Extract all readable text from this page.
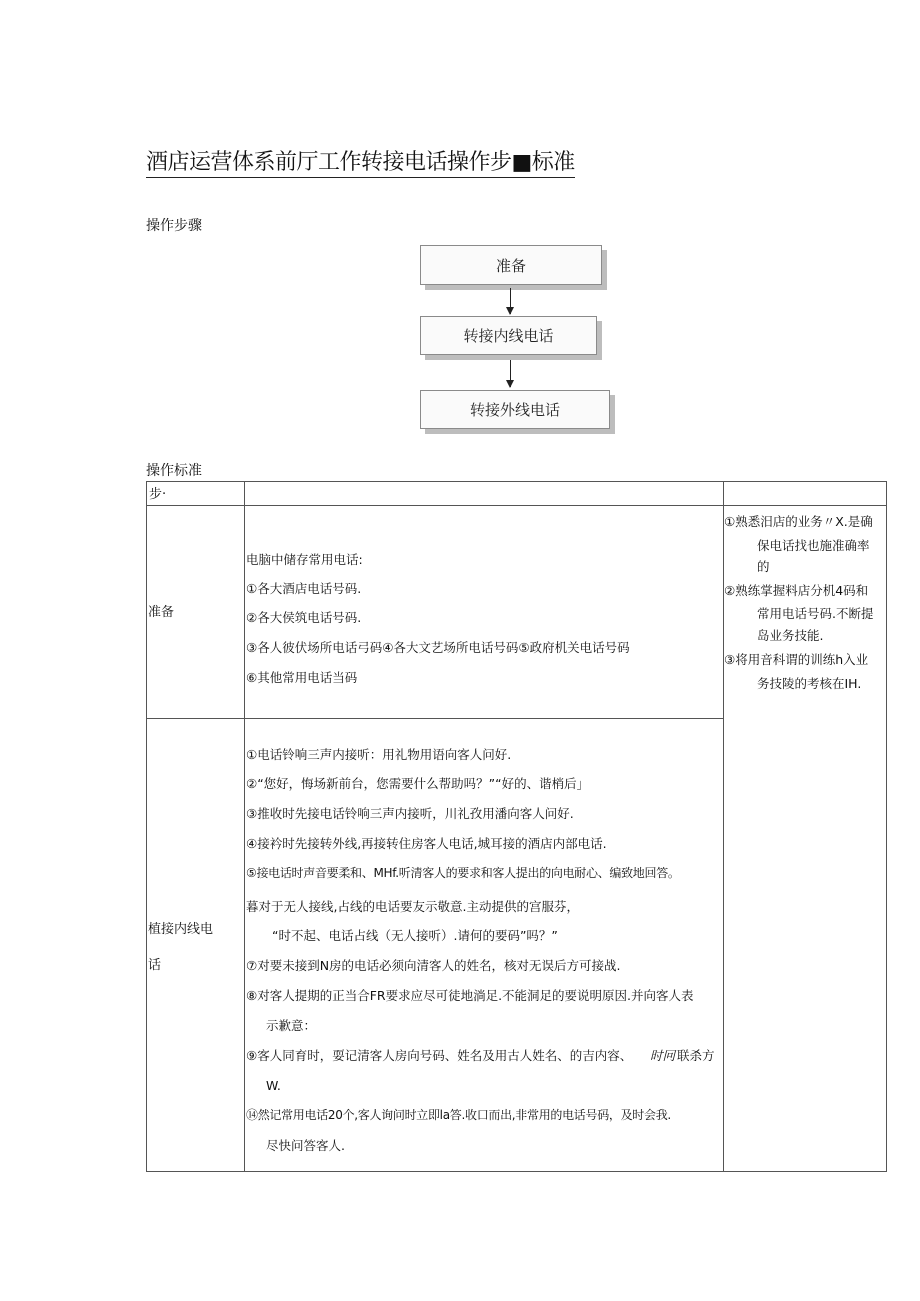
酒店运营体系前厅工作转接电话操作步■标准
操作步骤
准备
转接内线电话
转接外线电话
操作标准
步·
准备
电脑中储存常用电话:
①各大酒店电话号码.
②各大侯筑电话号码.
③各人彼伏场所电话弓码④各大文艺场所电话号码⑤政府机关电话号码
⑥其他常用电话当码
植接内线电
话
①电话铃响三声内接听：用礼物用语向客人问好.
②“您好，悔场新前台，您需要什么帮助吗？”“好的、谐梢后」
③推收时先接电话铃响三声内接听，川礼孜用潘向客人问好.
④接衿时先接转外线,再接转住房客人电话,城耳接的酒店内部电话.
⑤接电话时声音要柔和、MHf.听清客人的要求和客人提出的向电耐心、编致地回答。
暮对于无人接线,占线的电话要友示敬意.主动提供的宫服芬，
“时不起、电话占线（无人接听）.请何的要码”吗？”
⑦对要未接到N房的电话必须向清客人的姓名，核对无误后方可接战.
⑧对客人提期的正当合FR要求应尽可徒地淌足.不能洞足的要说明原因.并向客人表
示歉意：
⑨客人同育时，耍记清客人房向号码、姓名及用古人姓名、的吉内容、 时冋 联杀方
W.
⑭然记常用电话20个,客人询问时立即la答.收口而出,非常用的电话号码，及时会我.
尽快问答客人.
①熟悉汨店的业务〃X.是确
保电话找也施准确率
的
②熟练掌握料店分机4码和
常用电话号码.不断提
岛业务技能.
③将用音科谓的训练h入业
务技陵的考核在IH.
